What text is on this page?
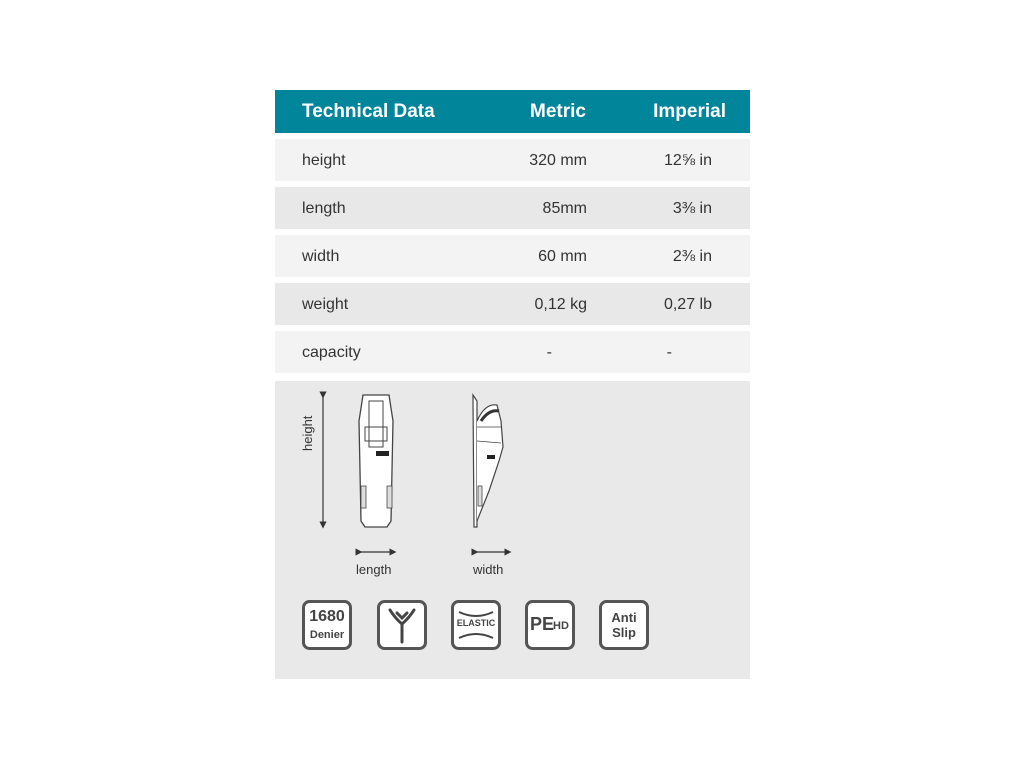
Technical Data	Metric	Imperial
height	320 mm	12⅝ in
length	85mm	3⅜ in
width	60 mm	2⅜ in
weight	0,12 kg	0,27 lb
capacity	-	-
height
length	width
1680
Denier
ELASTIC	PE
HD
Anti
Slip
